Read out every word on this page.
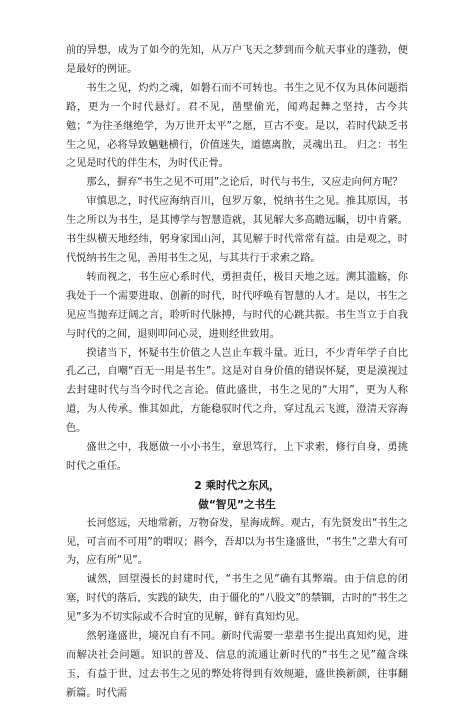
前的异想，成为了如今的先知，从万户飞天之梦到而今航天事业的蓬勃，便是最好的例证。

书生之见，灼灼之魂，如磐石而不可转也。书生之见不仅为具体问题指路，更为一个时代悬灯。君不见，凿壁偷光，闻鸡起舞之坚持，古今共勉；“为往圣继绝学，为万世开太平”之愿，亘古不变。是以，若时代缺乏书生之见，必将导致魑魅横行，价值迷失，道德离散，灵魂出丑。 归之：书生之见是时代的伴生木，为时代正骨。

那么，摒弃“书生之见不可用”之论后，时代与书生，又应走向何方呢？

审慎思之，时代应海纳百川，包罗万象，悦纳书生之见。推其原因，书生之所以为书生，是其博学与智慧造就，其见解大多高瞻远瞩，切中肯綮。书生纵横天地经纬，躬身家国山河，其见解于时代常常有益。由是观之，时代悦纳书生之见，善用书生之见，与其共行于求索之路。

转而视之，书生应心系时代，勇担责任，极目天地之远。溯其滥觞，你我处于一个需要进取、创新的时代，时代呼唤有智慧的人才。是以，书生之见应当抛弃迂阔之言，聆听时代脉搏，与时代的心跳共振。书生当立于自我与时代的之间，退则叩问心灵，进则经世致用。

揆诸当下，怀疑书生价值之人岂止车载斗量。近日，不少青年学子自比孔乙己，自嘲“百无一用是书生”。这是对自身价值的错误怀疑，更是漠视过去封建时代与当今时代之言论。值此盛世，书生之见的“大用”，更为人称道，为人传承。惟其如此，方能稳驭时代之舟，穿过乱云飞渡，澄清天容海色。

盛世之中，我愿做一小小书生，章思笃行，上下求索，修行自身，勇挑时代之重任。

2 乘时代之东风，

做“智见”之书生

长河悠远，天地常新，万物奋发，星海成辉。观古，有先贤发出“书生之见，可言而不可用”的喟叹；斟今，吾却以为书生逢盛世，“书生”之辈大有可为，应有所“见”。

诚然，回望漫长的封建时代，“书生之见”确有其弊端。由于信息的闭塞，时代的落后，实践的缺失，由于僵化的“八股文”的禁锢，古时的“书生之见”多为不切实际或不合时宜的见解，鲜有真知灼见。

然躬逢盛世，境况自有不同。新时代需要一辈辈书生提出真知灼见，进而解决社会问题。知识的普及、信息的流通让新时代的“书生之见”蕴含珠玉，有益于世，过去书生之见的弊处将得到有效规避，盛世换新颜，往事翻新篇。时代需
